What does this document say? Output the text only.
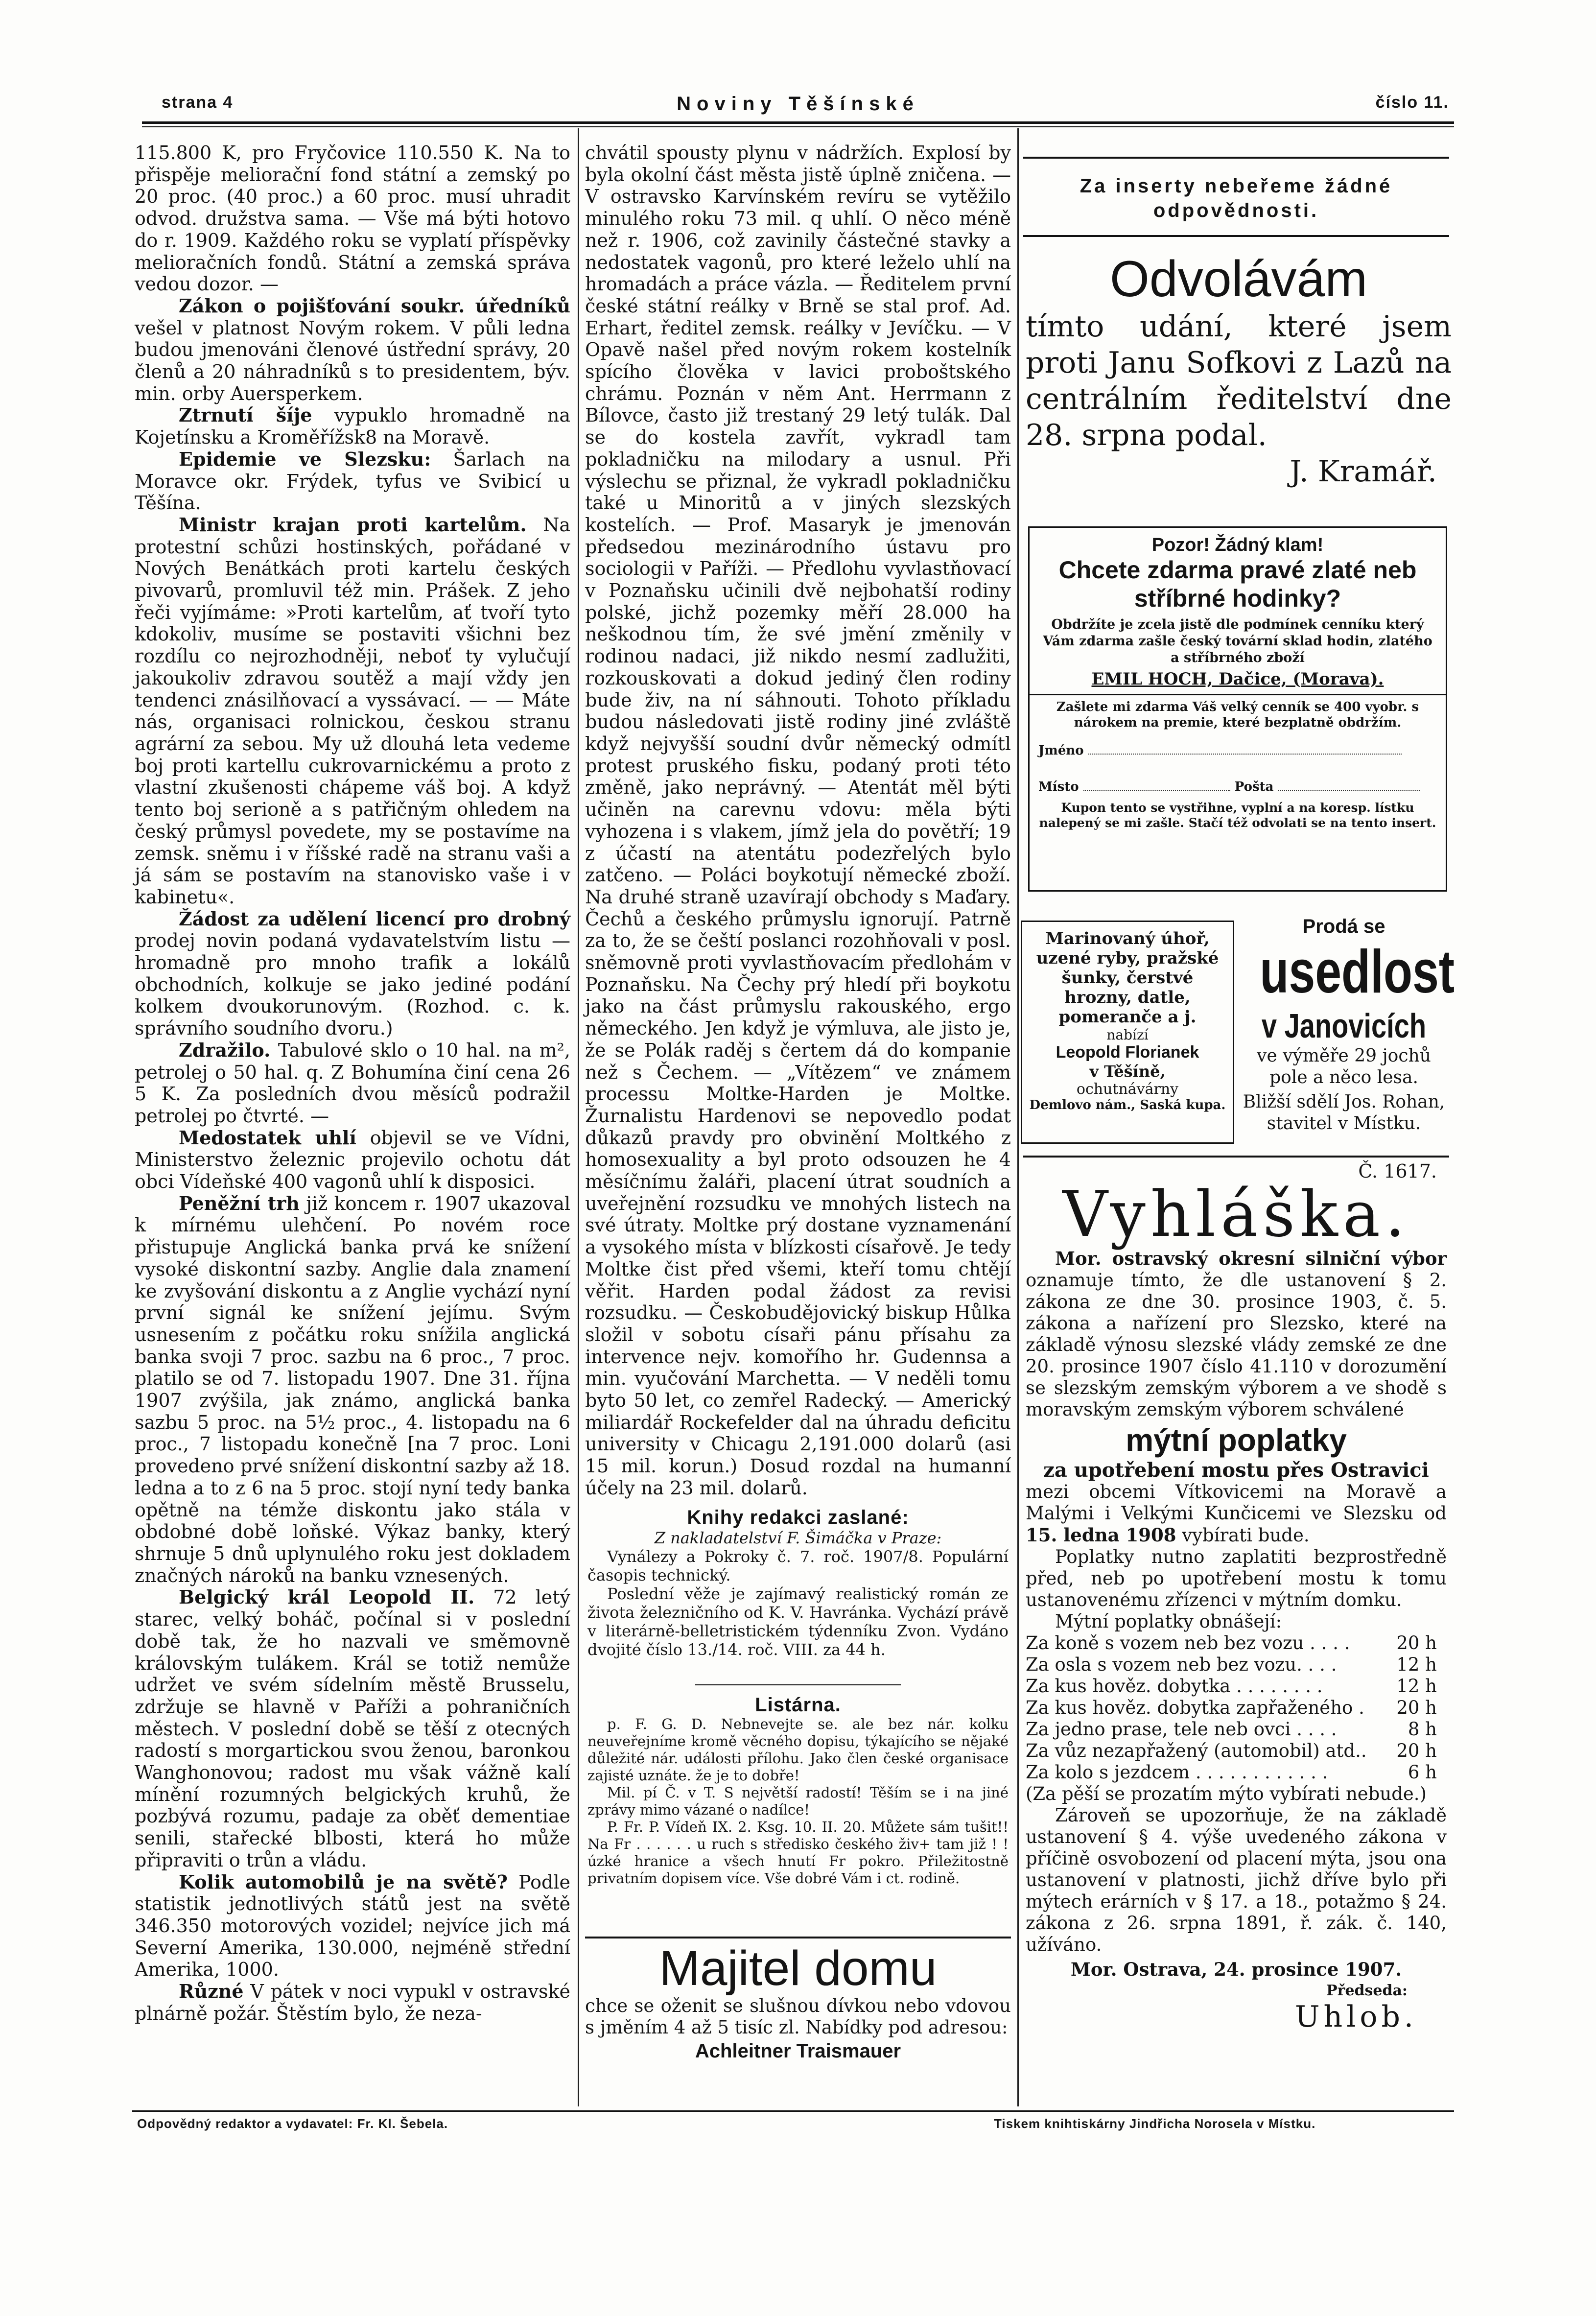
strana 4	Noviny Těšínské	číslo 11.

115.800 K, pro Fryčovice 110.550 K. Na to přispěje meliorační fond státní a zemský po 20 proc. (40 proc.) a 60 proc. musí uhradit odvod. družstva sama. — Vše má býti hotovo do r. 1909. Každého roku se vyplatí příspěvky melioračních fondů. Státní a zemská správa vedou dozor. —

Zákon o pojišťování soukr. úředníků vešel v platnost Novým rokem. V půli ledna budou jmenováni členové ústřední správy, 20 členů a 20 náhradníků s to presidentem, býv. min. orby Auersperkem.

Ztrnutí šíje vypuklo hromadně na Kojetínsku a Kroměřížsk8 na Moravě.

Epidemie ve Slezsku: Šarlach na Moravce okr. Frýdek, tyfus ve Svibicí u Těšína.

Ministr krajan proti kartelům. Na protestní schůzi hostinských, pořádané v Nových Benátkách proti kartelu českých pivovarů, promluvil též min. Prášek. Z jeho řeči vyjímáme: »Proti kartelům, ať tvoří tyto kdokoliv, musíme se postaviti všichni bez rozdílu co nejrozhodněji, neboť ty vylučují jakoukoliv zdravou soutěž a mají vždy jen tendenci znásilňovací a vyssávací. — — Máte nás, organisaci rolnickou, českou stranu agrární za sebou. My už dlouhá leta vedeme boj proti kartellu cukrovarnickému a proto z vlastní zkušenosti chápeme váš boj. A když tento boj serioně a s patřičným ohledem na český průmysl povedete, my se postavíme na zemsk. sněmu i v říšské radě na stranu vaši a já sám se postavím na stanovisko vaše i v kabinetu«.

Žádost za udělení licencí pro drobný prodej novin podaná vydavatelstvím listu — hromadně pro mnoho trafik a lokálů obchodních, kolkuje se jako jediné podání kolkem dvoukorunovým. (Rozhod. c. k. správního soudního dvoru.)

Zdražilo. Tabulové sklo o 10 hal. na m², petrolej o 50 hal. q. Z Bohumína činí cena 26 5 K. Za posledních dvou měsíců podražil petrolej po čtvrté. —

Medostatek uhlí objevil se ve Vídni, Ministerstvo železnic projevilo ochotu dát obci Vídeňské 400 vagonů uhlí k disposici.

Peněžní trh již koncem r. 1907 ukazoval k mírnému ulehčení. Po novém roce přistupuje Anglická banka prvá ke snížení vysoké diskontní sazby. Anglie dala znamení ke zvyšování diskontu a z Anglie vychází nyní první signál ke snížení jejímu. Svým usnesením z počátku roku snížila anglická banka svoji 7 proc. sazbu na 6 proc., 7 proc. platilo se od 7. listopadu 1907. Dne 31. října 1907 zvýšila, jak známo, anglická banka sazbu 5 proc. na 5½ proc., 4. listopadu na 6 proc., 7 listopadu konečně [na 7 proc. Loni provedeno prvé snížení diskontní sazby až 18. ledna a to z 6 na 5 proc. stojí nyní tedy banka opětně na témže diskontu jako stála v obdobné době loňské. Výkaz banky, který shrnuje 5 dnů uplynulého roku jest dokladem značných nároků na banku vznesených.

Belgický král Leopold II. 72 letý starec, velký boháč, počínal si v poslední době tak, že ho nazvali ve směmovně královským tulákem. Král se totiž nemůže udržet ve svém sídelním městě Brusselu, zdržuje se hlavně v Paříži a pohraničních městech. V poslední době se těší z otecných radostí s morgartickou svou ženou, baronkou Wanghonovou; radost mu však vážně kalí mínění rozumných belgických kruhů, že pozbývá rozumu, padaje za oběť dementiae senili, stařecké blbosti, která ho může připraviti o trůn a vládu.

Kolik automobilů je na světě? Podle statistik jednotlivých států jest na světě 346.350 motorových vozidel; nejvíce jich má Severní Amerika, 130.000, nejméně střední Amerika, 1000.

Různé V pátek v noci vypukl v ostravské plnárně požár. Štěstím bylo, že neza-

chvátil spousty plynu v nádržích. Explosí by byla okolní část města jistě úplně zničena. — V ostravsko Karvínském revíru se vytěžilo minulého roku 73 mil. q uhlí. O něco méně než r. 1906, což zavinily částečné stavky a nedostatek vagonů, pro které leželo uhlí na hromadách a práce vázla. — Ředitelem první české státní reálky v Brně se stal prof. Ad. Erhart, ředitel zemsk. reálky v Jevíčku. — V Opavě našel před novým rokem kostelník spícího člověka v lavici proboštského chrámu. Poznán v něm Ant. Herrmann z Bílovce, často již trestaný 29 letý tulák. Dal se do kostela zavřít, vykradl tam pokladničku na milodary a usnul. Při výslechu se přiznal, že vykradl pokladničku také u Minoritů a v jiných slezských kostelích. — Prof. Masaryk je jmenován předsedou mezinárodního ústavu pro sociologii v Paříži. — Předlohu vyvlastňovací v Poznaňsku učinili dvě nejbohatší rodiny polské, jichž pozemky měří 28.000 ha neškodnou tím, že své jmění změnily v rodinou nadaci, již nikdo nesmí zadlužiti, rozkouskovati a dokud jediný člen rodiny bude živ, na ní sáhnouti. Tohoto příkladu budou následovati jistě rodiny jiné zvláště když nejvyšší soudní dvůr německý odmítl protest pruského fisku, podaný proti této změně, jako neprávný. — Atentát měl býti učiněn na carevnu vdovu: měla býti vyhozena i s vlakem, jímž jela do povětří; 19 z účastí na atentátu podezřelých bylo zatčeno. — Poláci boykotují německé zboží. Na druhé straně uzavírají obchody s Maďary. Čechů a českého průmyslu ignorují. Patrně za to, že se čeští poslanci rozohňovali v posl. sněmovně proti vyvlastňovacím předlohám v Poznaňsku. Na Čechy prý hledí při boykotu jako na část průmyslu rakouského, ergo německého. Jen když je výmluva, ale jisto je, že se Polák raděj s čertem dá do kompanie než s Čechem. — „Vítězem“ ve známem processu Moltke-Harden je Moltke. Žurnalistu Hardenovi se nepovedlo podat důkazů pravdy pro obvinění Moltkého z homosexuality a byl proto odsouzen he 4 měsíčnímu žaláři, placení útrat soudních a uveřejnění rozsudku ve mnohých listech na své útraty. Moltke prý dostane vyznamenání a vysokého místa v blízkosti císařově. Je tedy Moltke čist před všemi, kteří tomu chtějí věřit. Harden podal žádost za revisi rozsudku. — Českobudějovický biskup Hůlka složil v sobotu císaři pánu přísahu za intervence nejv. komořího hr. Gudennsa a min. vyučování Marchetta. — V neděli tomu byto 50 let, co zemřel Radecký. — Americký miliardář Rockefelder dal na úhradu deficitu university v Chicagu 2,191.000 dolarů (asi 15 mil. korun.) Dosud rozdal na humanní účely na 23 mil. dolarů.

Knihy redakci zaslané:
Z nakladatelství F. Šimáčka v Praze:
Vynálezy a Pokroky č. 7. roč. 1907/8. Populární časopis technický.
Poslední věže je zajímavý realistický román ze života železničního od K. V. Havránka. Vychází právě v literárně-belletristickém týdenníku Zvon. Vydáno dvojité číslo 13./14. roč. VIII. za 44 h.
Listárna.
p. F. G. D. Nebnevejte se. ale bez nár. kolku neuveřejníme kromě věcného dopisu, týkajícího se nějaké důležité nár. události přílohu. Jako člen české organisace zajisté uznáte. že je to dobře!
Mil. pí Č. v T. S největší radostí! Těším se i na jiné zprávy mimo vázané o nadílce!
P. Fr. P. Vídeň IX. 2. Ksg. 10. II. 20. Můžete sám tušit!! Na Fr . . . . . . u ruch s středisko českého živ+ tam již ! ! úzké hranice a všech hnutí Fr pokro. Přiležitostně privatním dopisem více. Vše dobré Vám i ct. rodině.
Majitel domu
chce se oženit se slušnou dívkou nebo vdovou s jměním 4 až 5 tisíc zl. Nabídky pod adresou:
Achleitner Traismauer
Za inserty nebeřeme žádné odpovědnosti.
Odvolávám
tímto udání, které jsem proti Janu Sofkovi z Lazů na centrálním ředitelství dne 28. srpna podal.
J. Kramář.
Pozor! Žádný klam!
Chcete zdarma pravé zlaté neb stříbrné hodinky?
Obdržíte je zcela jistě dle podmínek cenníku který Vám zdarma zašle český tovární sklad hodin, zlatého a stříbrného zboží
EMIL HOCH, Dačice, (Morava).
Zašlete mi zdarma Váš velký cenník se 400 vyobr. s nárokem na premie, které bezplatně obdržím.
Jméno
Místo	Pošta
Kupon tento se vystřihne, vyplní a na koresp. lístku nalepený se mi zašle. Stačí též odvolati se na tento insert.
Marinovaný úhoř, uzené ryby, pražské šunky, čerstvé hrozny, datle, pomeranče a j.
nabízí
Leopold Florianek
v Těšíně,
ochutnávárny
Demlovo nám., Saská kupa.
Prodá se
usedlost
v Janovicích
ve výměře 29 jochů pole a něco lesa.
Bližší sdělí Jos. Rohan, stavitel v Místku.
Č. 1617.
Vyhláška.
Mor. ostravský okresní silniční výbor oznamuje tímto, že dle ustanovení § 2. zákona ze dne 30. prosince 1903, č. 5. zákona a nařízení pro Slezsko, které na základě výnosu slezské vlády zemské ze dne 20. prosince 1907 číslo 41.110 v dorozumění se slezským zemským výborem a ve shodě s moravským zemským výborem schválené
mýtní poplatky
za upotřebení mostu přes Ostravici
mezi obcemi Vítkovicemi na Moravě a Malými i Velkými Kunčicemi ve Slezsku od 15. ledna 1908 vybírati bude.
Poplatky nutno zaplatiti bezprostředně před, neb po upotřebení mostu k tomu ustanovenému zřízenci v mýtním domku.
Mýtní poplatky obnášejí:
Za koně s vozem neb bez vozu . . . .	20 h
Za osla s vozem neb bez vozu. . . .	12 h
Za kus hověz. dobytka . . . . . . . .	12 h
Za kus hověz. dobytka zapřaženého . 20 h
Za jedno prase, tele neb ovci . . . .	8 h
Za vůz nezapřažený (automobil) atd.. 20 h
Za kolo s jezdcem . . . . . . . . . . . .	6 h
(Za pěší se prozatím mýto vybírati nebude.)
Zároveň se upozorňuje, že na základě ustanovení § 4. výše uvedeného zákona v příčině osvobození od placení mýta, jsou ona ustanovení v platnosti, jichž dříve bylo při mýtech erárních v § 17. a 18., potažmo § 24. zákona z 26. srpna 1891, ř. zák. č. 140, užíváno.
Mor. Ostrava, 24. prosince 1907.
Předseda:
Uhlob.
Odpovědný redaktor a vydavatel: Fr. Kl. Šebela.	Tiskem knihtiskárny Jindřicha Norosela v Místku.
